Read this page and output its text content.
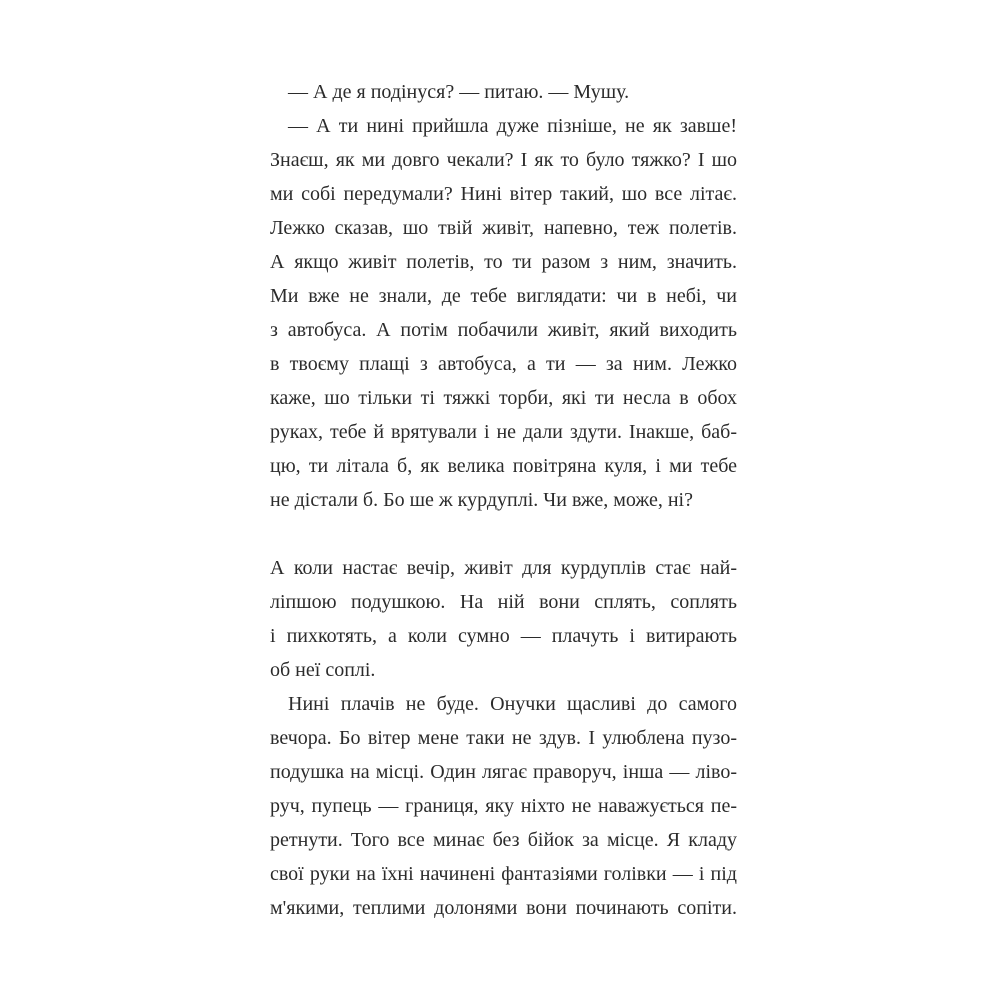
— А де я подінуся? — питаю. — Мушу.
— А ти нині прийшла дуже пізніше, не як завше!
Знаєш, як ми довго чекали? І як то було тяжко? І шо
ми собі передумали? Нині вітер такий, шо все літає.
Лежко сказав, шо твій живіт, напевно, теж полетів.
А якщо живіт полетів, то ти разом з ним, значить.
Ми вже не знали, де тебе виглядати: чи в небі, чи
з автобуса. А потім побачили живіт, який виходить
в твоєму плащі з автобуса, а ти — за ним. Лежко
каже, шо тільки ті тяжкі торби, які ти несла в обох
руках, тебе й врятували і не дали здути. Інакше, баб-
цю, ти літала б, як велика повітряна куля, і ми тебе
не дістали б. Бо ше ж курдуплі. Чи вже, може, ні?
А коли настає вечір, живіт для курдуплів стає най-
ліпшою подушкою. На ній вони сплять, соплять
і пихкотять, а коли сумно — плачуть і витирають
об неї соплі.
Нині плачів не буде. Онучки щасливі до самого
вечора. Бо вітер мене таки не здув. І улюблена пузо-
подушка на місці. Один лягає праворуч, інша — ліво-
руч, пупець — границя, яку ніхто не наважується пе-
ретнути. Того все минає без бійок за місце. Я кладу
свої руки на їхні начинені фантазіями голівки — і під
м'якими, теплими долонями вони починають сопіти.
